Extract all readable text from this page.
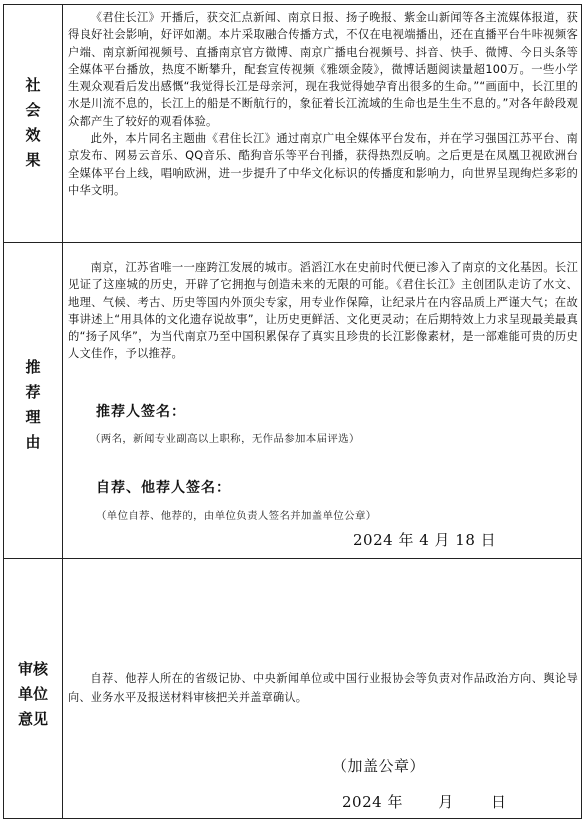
社
会
效
果

《君住长江》开播后，获交汇点新闻、南京日报、扬子晚报、紫金山新闻等各主流媒体报道，获得良好社会影响，好评如潮。本片采取融合传播方式，不仅在电视端播出，还在直播平台牛咔视频客户端、南京新闻视频号、直播南京官方微博、南京广播电台视频号、抖音、快手、微博、今日头条等全媒体平台播放，热度不断攀升，配套宣传视频《雅颂金陵》，微博话题阅读量超100万。一些小学生观众观看后发出感慨“我觉得长江是母亲河，现在我觉得她孕育出很多的生命。”“画面中，长江里的水是川流不息的，长江上的船是不断航行的，象征着长江流域的生命也是生生不息的。”对各年龄段观众都产生了较好的观看体验。

此外，本片同名主题曲《君住长江》通过南京广电全媒体平台发布，并在学习强国江苏平台、南京发布、网易云音乐、QQ音乐、酷狗音乐等平台刊播，获得热烈反响。之后更是在凤凰卫视欧洲台全媒体平台上线，唱响欧洲，进一步提升了中华文化标识的传播度和影响力，向世界呈现绚烂多彩的中华文明。

推
荐
理
由

南京，江苏省唯一一座跨江发展的城市。滔滔江水在史前时代便已渗入了南京的文化基因。长江见证了这座城的历史，开辟了它拥抱与创造未来的无限的可能。《君住长江》主创团队走访了水文、地理、气候、考古、历史等国内外顶尖专家，用专业作保障，让纪录片在内容品质上严谨大气；在故事讲述上“用具体的文化遗存说故事”，让历史更鲜活、文化更灵动；在后期特效上力求呈现最美最真的“扬子风华”，为当代南京乃至中国积累保存了真实且珍贵的长江影像素材，是一部难能可贵的历史人文佳作，予以推荐。

推荐人签名：
（两名，新闻专业副高以上职称，无作品参加本届评选）
自荐、他荐人签名：
（单位自荐、他荐的，由单位负责人签名并加盖单位公章）
2024 年 4 月 18 日
审核
单位
意见

自荐、他荐人所在的省级记协、中央新闻单位或中国行业报协会等负责对作品政治方向、舆论导向、业务水平及报送材料审核把关并盖章确认。

（加盖公章）
2024 年 月 日
